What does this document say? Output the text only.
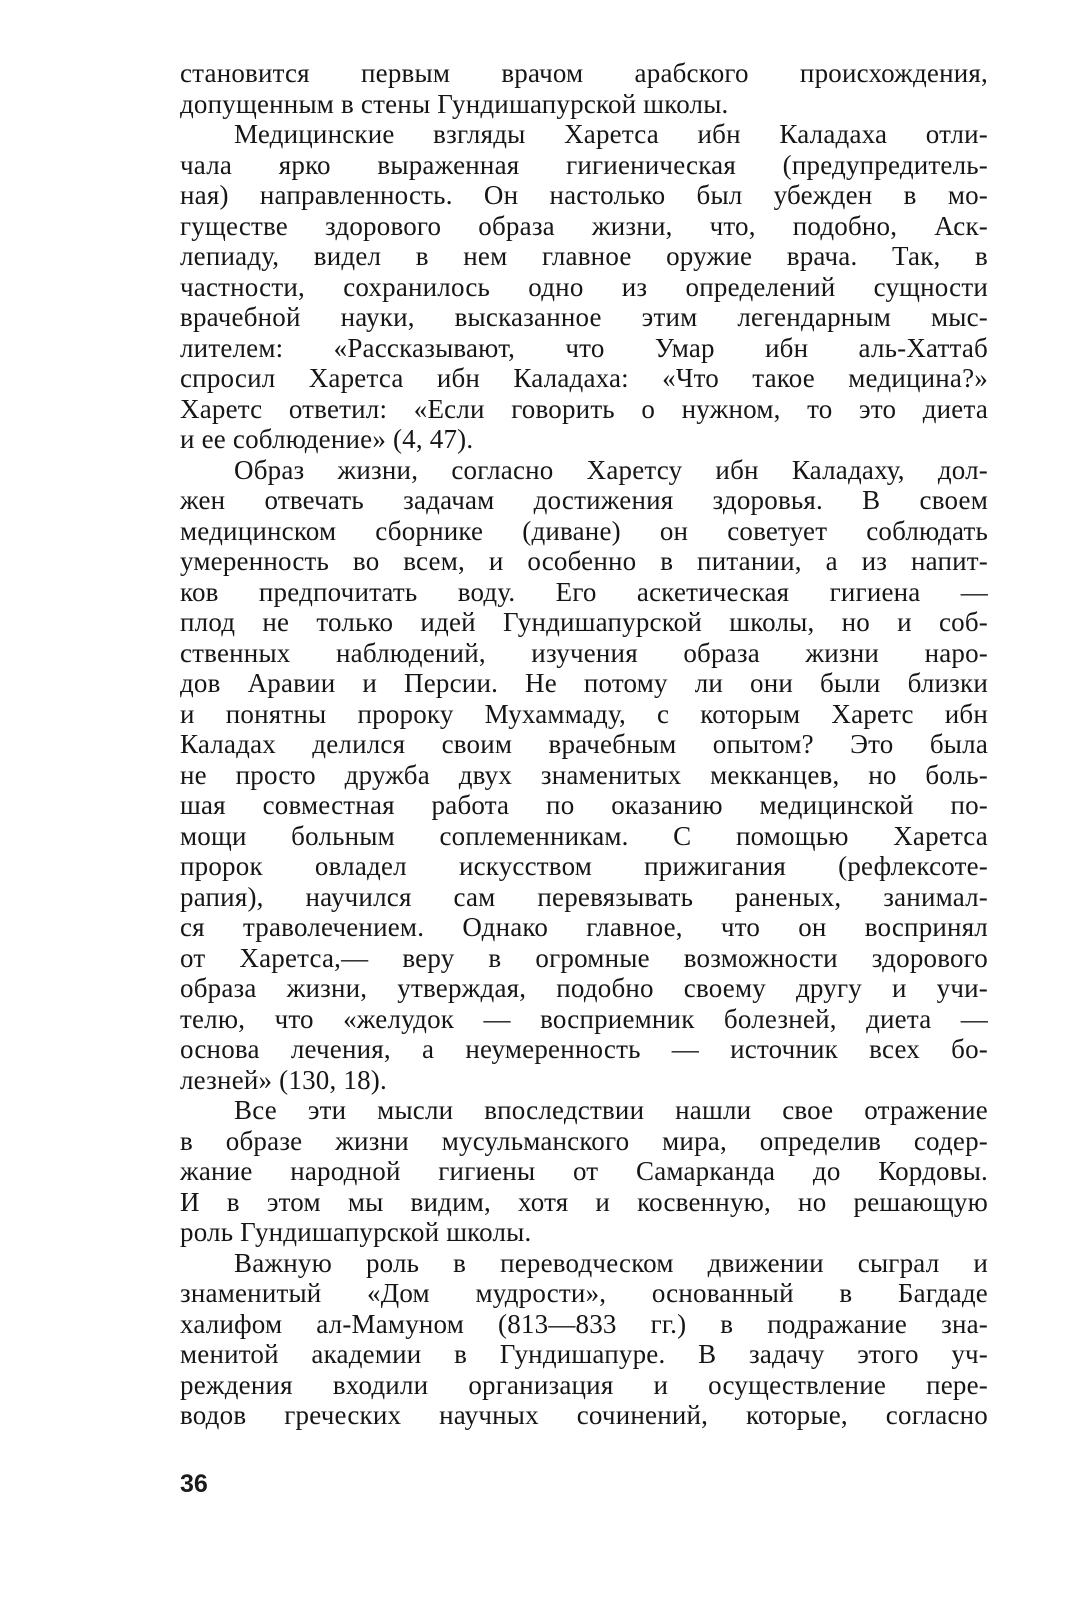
становится первым врачом арабского происхождения,
допущенным в стены Гундишапурской школы.
Медицинские взгляды Харетса ибн Каладаха отли-
чала ярко выраженная гигиеническая (предупредитель-
ная) направленность. Он настолько был убежден в мо-
гуществе здорового образа жизни, что, подобно, Аск-
лепиаду, видел в нем главное оружие врача. Так, в
частности, сохранилось одно из определений сущности
врачебной науки, высказанное этим легендарным мыс-
лителем: «Рассказывают, что Умар ибн аль-Хаттаб
спросил Харетса ибн Каладаха: «Что такое медицина?»
Харетс ответил: «Если говорить о нужном, то это диета
и ее соблюдение» (4, 47).
Образ жизни, согласно Харетсу ибн Каладаху, дол-
жен отвечать задачам достижения здоровья. В своем
медицинском сборнике (диване) он советует соблюдать
умеренность во всем, и особенно в питании, а из напит-
ков предпочитать воду. Его аскетическая гигиена —
плод не только идей Гундишапурской школы, но и соб-
ственных наблюдений, изучения образа жизни наро-
дов Аравии и Персии. Не потому ли они были близки
и понятны пророку Мухаммаду, с которым Харетс ибн
Каладах делился своим врачебным опытом? Это была
не просто дружба двух знаменитых мекканцев, но боль-
шая совместная работа по оказанию медицинской по-
мощи больным соплеменникам. С помощью Харетса
пророк овладел искусством прижигания (рефлексоте-
рапия), научился сам перевязывать раненых, занимал-
ся траволечением. Однако главное, что он воспринял
от Харетса,— веру в огромные возможности здорового
образа жизни, утверждая, подобно своему другу и учи-
телю, что «желудок — восприемник болезней, диета —
основа лечения, а неумеренность — источник всех бо-
лезней» (130, 18).
Все эти мысли впоследствии нашли свое отражение
в образе жизни мусульманского мира, определив содер-
жание народной гигиены от Самарканда до Кордовы.
И в этом мы видим, хотя и косвенную, но решающую
роль Гундишапурской школы.
Важную роль в переводческом движении сыграл и
знаменитый «Дом мудрости», основанный в Багдаде
халифом ал-Мамуном (813—833 гг.) в подражание зна-
менитой академии в Гундишапуре. В задачу этого уч-
реждения входили организация и осуществление пере-
водов греческих научных сочинений, которые, согласно
36
